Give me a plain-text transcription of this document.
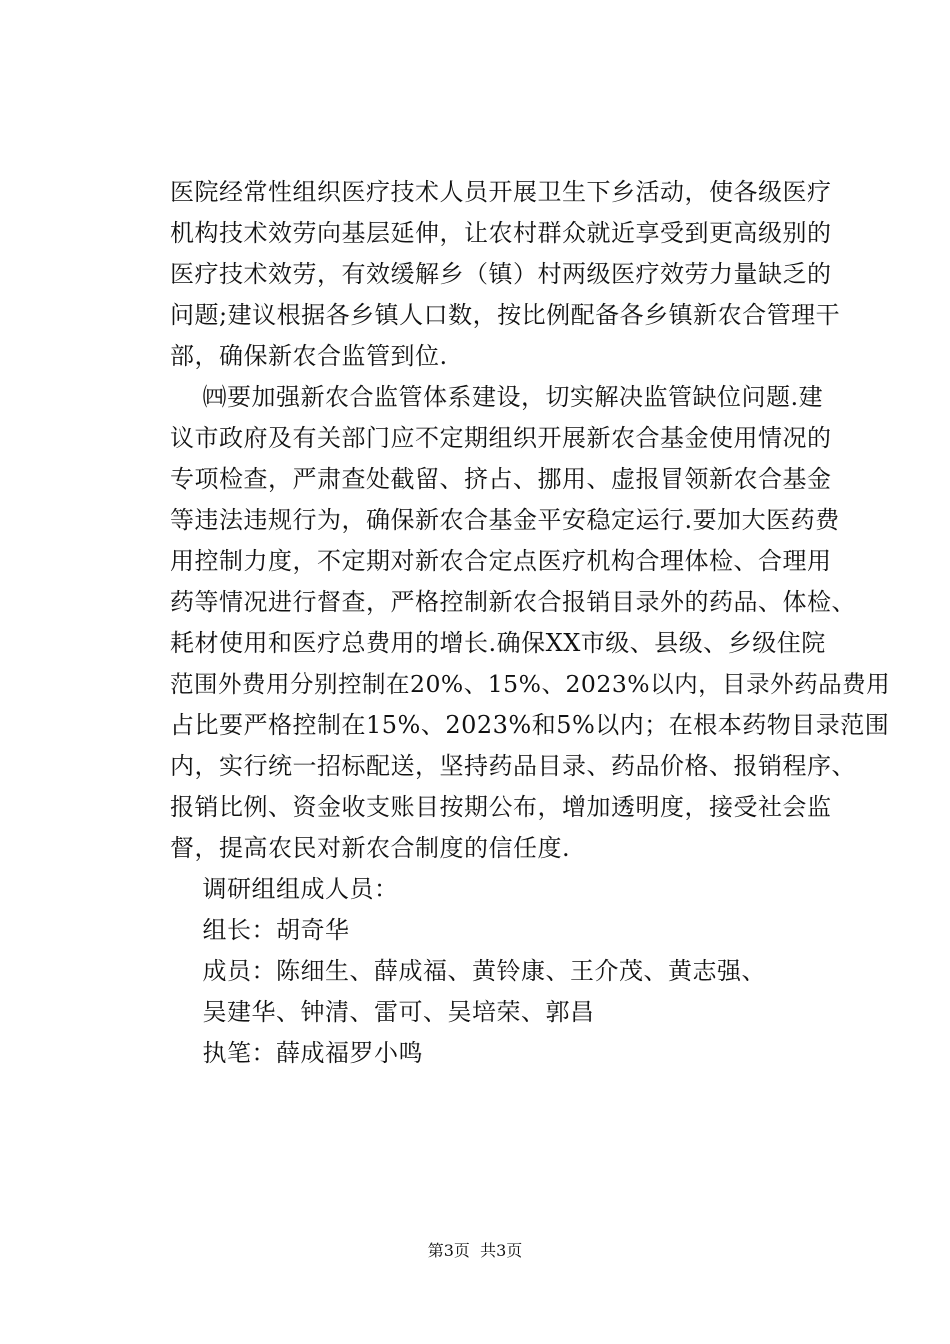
医院经常性组织医疗技术人员开展卫生下乡活动，使各级医疗
机构技术效劳向基层延伸，让农村群众就近享受到更高级别的
医疗技术效劳，有效缓解乡（镇）村两级医疗效劳力量缺乏的
问题;建议根据各乡镇人口数，按比例配备各乡镇新农合管理干
部，确保新农合监管到位.
㈣要加强新农合监管体系建设，切实解决监管缺位问题.建
议市政府及有关部门应不定期组织开展新农合基金使用情况的
专项检查，严肃查处截留、挤占、挪用、虚报冒领新农合基金
等违法违规行为，确保新农合基金平安稳定运行.要加大医药费
用控制力度，不定期对新农合定点医疗机构合理体检、合理用
药等情况进行督查，严格控制新农合报销目录外的药品、体检、
耗材使用和医疗总费用的增长.确保XX市级、县级、乡级住院
范围外费用分别控制在20%、15%、2023%以内，目录外药品费用
占比要严格控制在15%、2023%和5%以内；在根本药物目录范围
内，实行统一招标配送，坚持药品目录、药品价格、报销程序、
报销比例、资金收支账目按期公布，增加透明度，接受社会监
督，提高农民对新农合制度的信任度.
调研组组成人员：
组长：胡奇华
成员：陈细生、薛成福、黄铃康、王介茂、黄志强、
吴建华、钟清、雷可、吴培荣、郭昌
执笔：薛成福罗小鸣
第3页  共3页
